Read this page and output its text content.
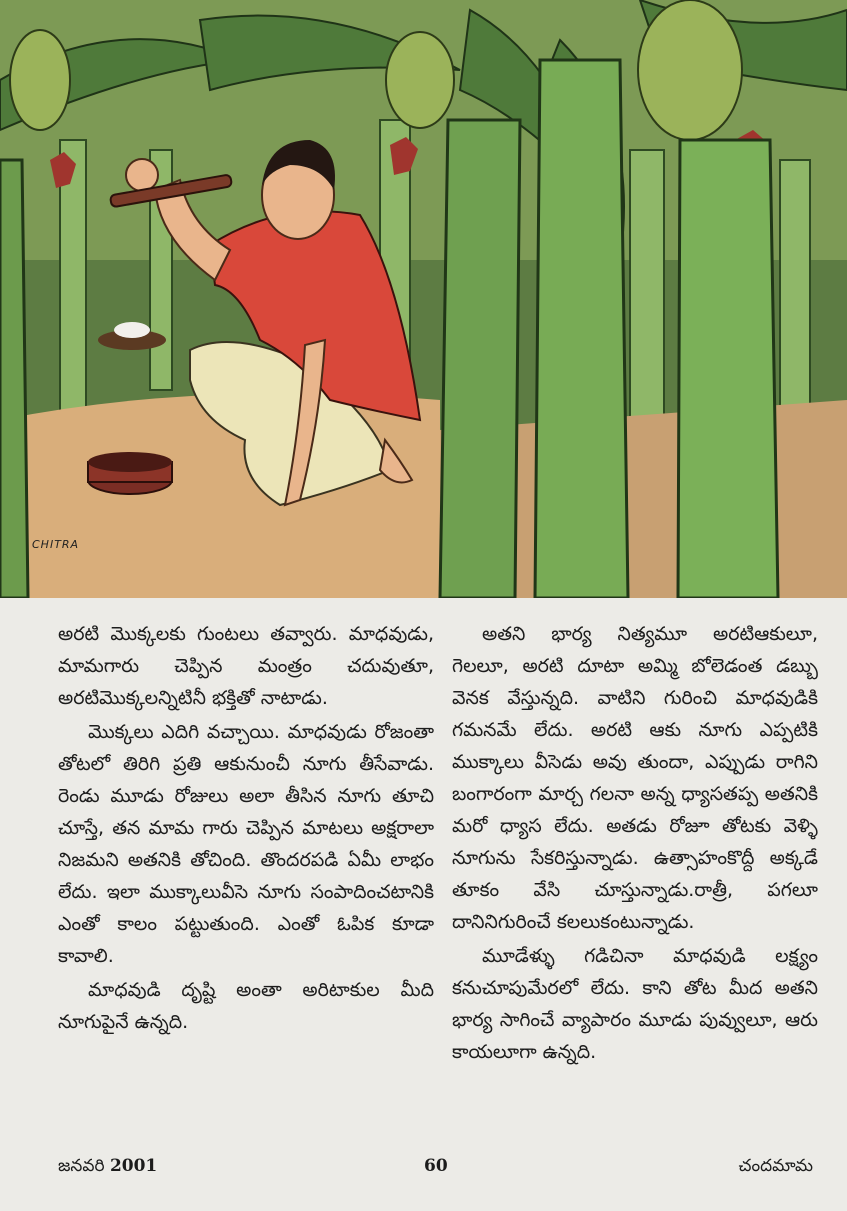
CHITRA

అరటి మొక్కలకు గుంటలు తవ్వారు. మాధవుడు, మామగారు చెప్పిన మంత్రం చదువుతూ, అరటిమొక్కలన్నిటినీ భక్తితో నాటాడు.

మొక్కలు ఎదిగి వచ్చాయి. మాధవుడు రోజంతా తోటలో తిరిగి ప్రతి ఆకునుంచీ నూగు తీసేవాడు. రెండు మూడు రోజులు అలా తీసిన నూగు తూచి చూస్తే, తన మామ గారు చెప్పిన మాటలు అక్షరాలా నిజమని అతనికి తోచింది. తొందరపడి ఏమీ లాభం లేదు. ఇలా ముక్కాలువీసె నూగు సంపాదించటానికి ఎంతో కాలం పట్టుతుంది. ఎంతో ఓపిక కూడా కావాలి.

మాధవుడి దృష్టి అంతా అరిటాకుల మీది నూగుపైనే ఉన్నది.

అతని భార్య నిత్యమూ అరటిఆకులూ, గెలలూ, అరటి దూటా అమ్మి బోలెడంత డబ్బు వెనక వేస్తున్నది. వాటిని గురించి మాధవుడికి గమనమే లేదు. అరటి ఆకు నూగు ఎప్పటికి ముక్కాలు వీసెడు అవు తుందా, ఎప్పుడు రాగిని బంగారంగా మార్చ గలనా అన్న ధ్యాసతప్ప అతనికి మరో ధ్యాస లేదు. అతడు రోజూ తోటకు వెళ్ళి నూగును సేకరిస్తున్నాడు. ఉత్సాహంకొద్దీ అక్కడే తూకం వేసి చూస్తున్నాడు.రాత్రీ, పగలూ దానినిగురించే కలలుకంటున్నాడు.

మూడేళ్ళు గడిచినా మాధవుడి లక్ష్యం కనుచూపుమేరలో లేదు. కాని తోట మీద అతని భార్య సాగించే వ్యాపారం మూడు పువ్వులూ, ఆరు కాయలూగా ఉన్నది.

జనవరి 2001	60	చందమామ
